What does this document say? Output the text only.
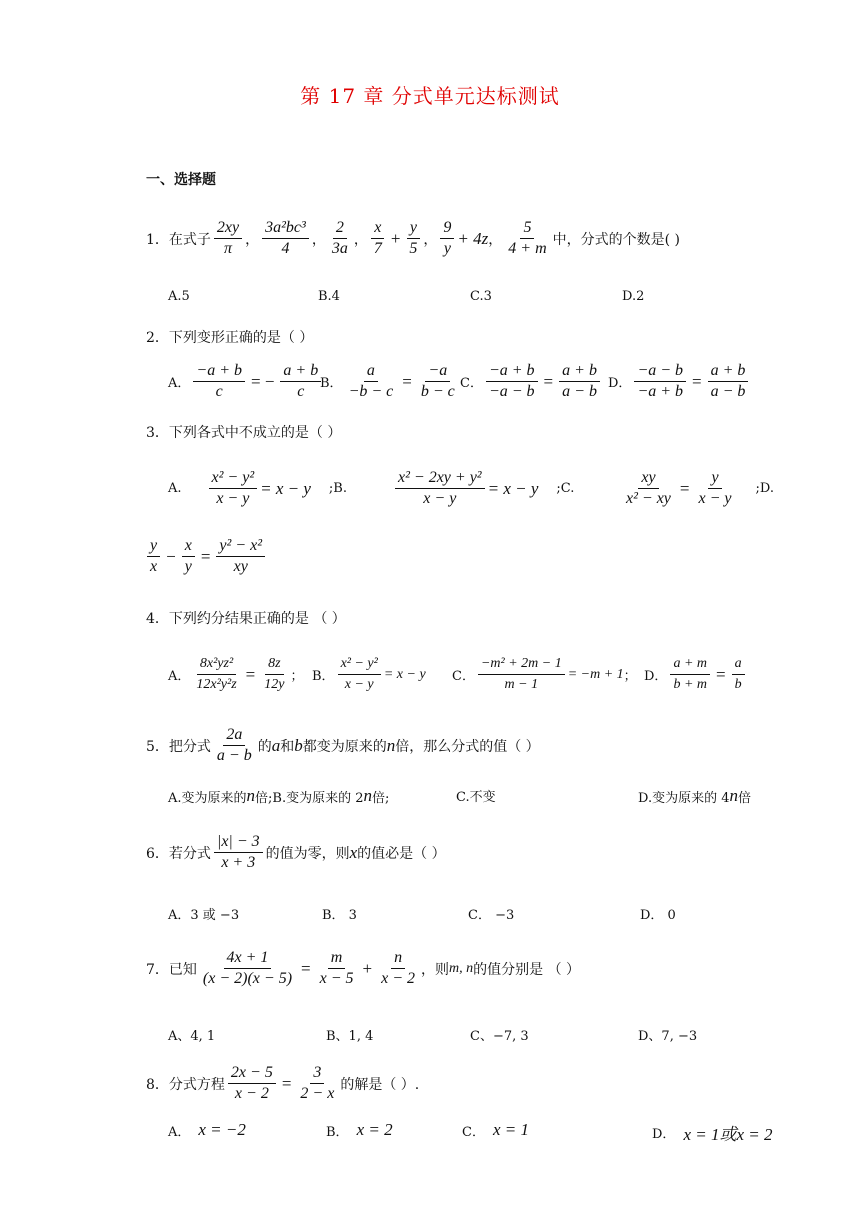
第 17 章 分式单元达标测试
一、选择题
1．在式子 $\frac{2xy}{\pi}$ ， $\frac{\text{3a²bc³}}{4}$ ， $\frac{2}{3a}$ ， $\frac{x}{7} + \frac{y}{5}$ ， $\frac{9}{y} + 4z$ ， $\frac{5}{4 + m}$ 中，分式的个数是( )
A.5	B.4	C.3	D.2
2．下列变形正确的是（ ）
A． $\frac{-a + b}{c}$ = − $\frac{a + b}{c}$
B． $\frac{a}{-b - c} = \frac{-a}{b - c}$ C． $\frac{-a + b}{-a - b} = \frac{a + b}{a - b}$ D． $\frac{-a - b}{-a + b} = \frac{a + b}{a - b}$
3．下列各式中不成立的是（ ）
A. $\frac{\text{x² − y²}}{x - y} = x - y$ ;B.	$\frac{\text{x² − 2xy + y²}}{x - y} = x - y$ ;C.	$\frac{xy}{\text{x² − xy}} = \frac{y}{x - y}$ ;D.
$\frac{y}{x} - \frac{x}{y} = \frac{\text{y² − x²}}{xy}$
4．下列约分结果正确的是 （ ）
A． $\frac{\text{8x²yz²}}{\text{12x²y²z}} = \frac{8z}{12y}$ ； B． $\frac{\text{x² − y²}}{x - y} = x - y$ C． $\frac{\text{−m² + 2m − 1}}{m - 1} = -m + 1$ ； D． $\frac{a + m}{b + m} = \frac{a}{b}$
5．把分式 $\frac{2a}{a - b}$ 的 a 和 b 都变为原来的 n 倍，那么分式的值（ ）
A.变为原来的 n 倍; B.变为原来的 2 n 倍;	C.不变	D.变为原来的 4 n 倍
6．若分式 $\frac{|x| - 3}{x + 3}$ 的值为零，则 x 的值必是（ ）
A．3 或 −3	B． 3	C． −3	D． 0
7．已知 $\frac{4x + 1}{(x - 2)(x - 5)} = \frac{m}{x - 5} + \frac{n}{x - 2}$ ，则 m, n 的值分别是 （ ）
A、4, 1	B、1, 4	C、−7, 3	D、7, −3
8．分式方程 $\frac{2x - 5}{x - 2} = \frac{3}{2 - x}$ 的解是（ ）.
A． x = −2	B． x = 2	C． x = 1	D． x = 1或x = 2
